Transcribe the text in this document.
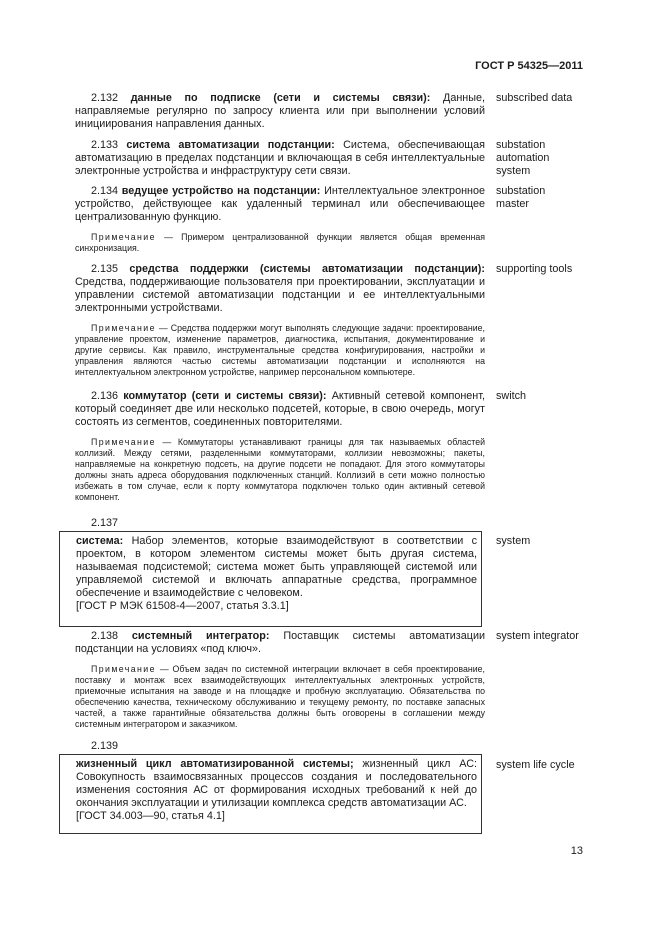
ГОСТ Р 54325—2011
2.132 данные по подписке (сети и системы связи): Данные, направляемые регулярно по запросу клиента или при выполнении условий инициирования направления данных.
subscribed data
2.133 система автоматизации подстанции: Система, обеспечивающая автоматизацию в пределах подстанции и включающая в себя интеллектуальные электронные устройства и инфраструктуру сети связи.
substation automation system
2.134 ведущее устройство на подстанции: Интеллектуальное электронное устройство, действующее как удаленный терминал или обеспечивающее централизованную функцию.
Примечание — Примером централизованной функции является общая временная синхронизация.
substation master
2.135 средства поддержки (системы автоматизации подстанции): Средства, поддерживающие пользователя при проектировании, эксплуатации и управлении системой автоматизации подстанции и ее интеллектуальными электронными устройствами.
Примечание — Средства поддержки могут выполнять следующие задачи: проектирование, управление проектом, изменение параметров, диагностика, испытания, документирование и другие сервисы. Как правило, инструментальные средства конфигурирования, настройки и управления являются частью системы автоматизации подстанции и исполняются на интеллектуальном электронном устройстве, например персональном компьютере.
supporting tools
2.136 коммутатор (сети и системы связи): Активный сетевой компонент, который соединяет две или несколько подсетей, которые, в свою очередь, могут состоять из сегментов, соединенных повторителями.
Примечание — Коммутаторы устанавливают границы для так называемых областей коллизий. Между сетями, разделенными коммутаторами, коллизии невозможны; пакеты, направляемые на конкретную подсеть, на другие подсети не попадают. Для этого коммутаторы должны знать адреса оборудования подключенных станций. Коллизий в сети можно полностью избежать в том случае, если к порту коммутатора подключен только один активный сетевой компонент.
switch
2.137
система: Набор элементов, которые взаимодействуют в соответствии с проектом, в котором элементом системы может быть другая система, называемая подсистемой; система может быть управляющей системой или управляемой системой и включать аппаратные средства, программное обеспечение и взаимодействие с человеком.
[ГОСТ Р МЭК 61508-4—2007, статья 3.3.1]
system
2.138 системный интегратор: Поставщик системы автоматизации подстанции на условиях «под ключ».
Примечание — Объем задач по системной интеграции включает в себя проектирование, поставку и монтаж всех взаимодействующих интеллектуальных электронных устройств, приемочные испытания на заводе и на площадке и пробную эксплуатацию. Обязательства по обеспечению качества, техническому обслуживанию и текущему ремонту, по поставке запасных частей, а также гарантийные обязательства должны быть оговорены в соглашении между системным интегратором и заказчиком.
system integrator
2.139
жизненный цикл автоматизированной системы; жизненный цикл АС: Совокупность взаимосвязанных процессов создания и последовательного изменения состояния АС от формирования исходных требований к ней до окончания эксплуатации и утилизации комплекса средств автоматизации АС.
[ГОСТ 34.003—90, статья 4.1]
system life cycle
13
